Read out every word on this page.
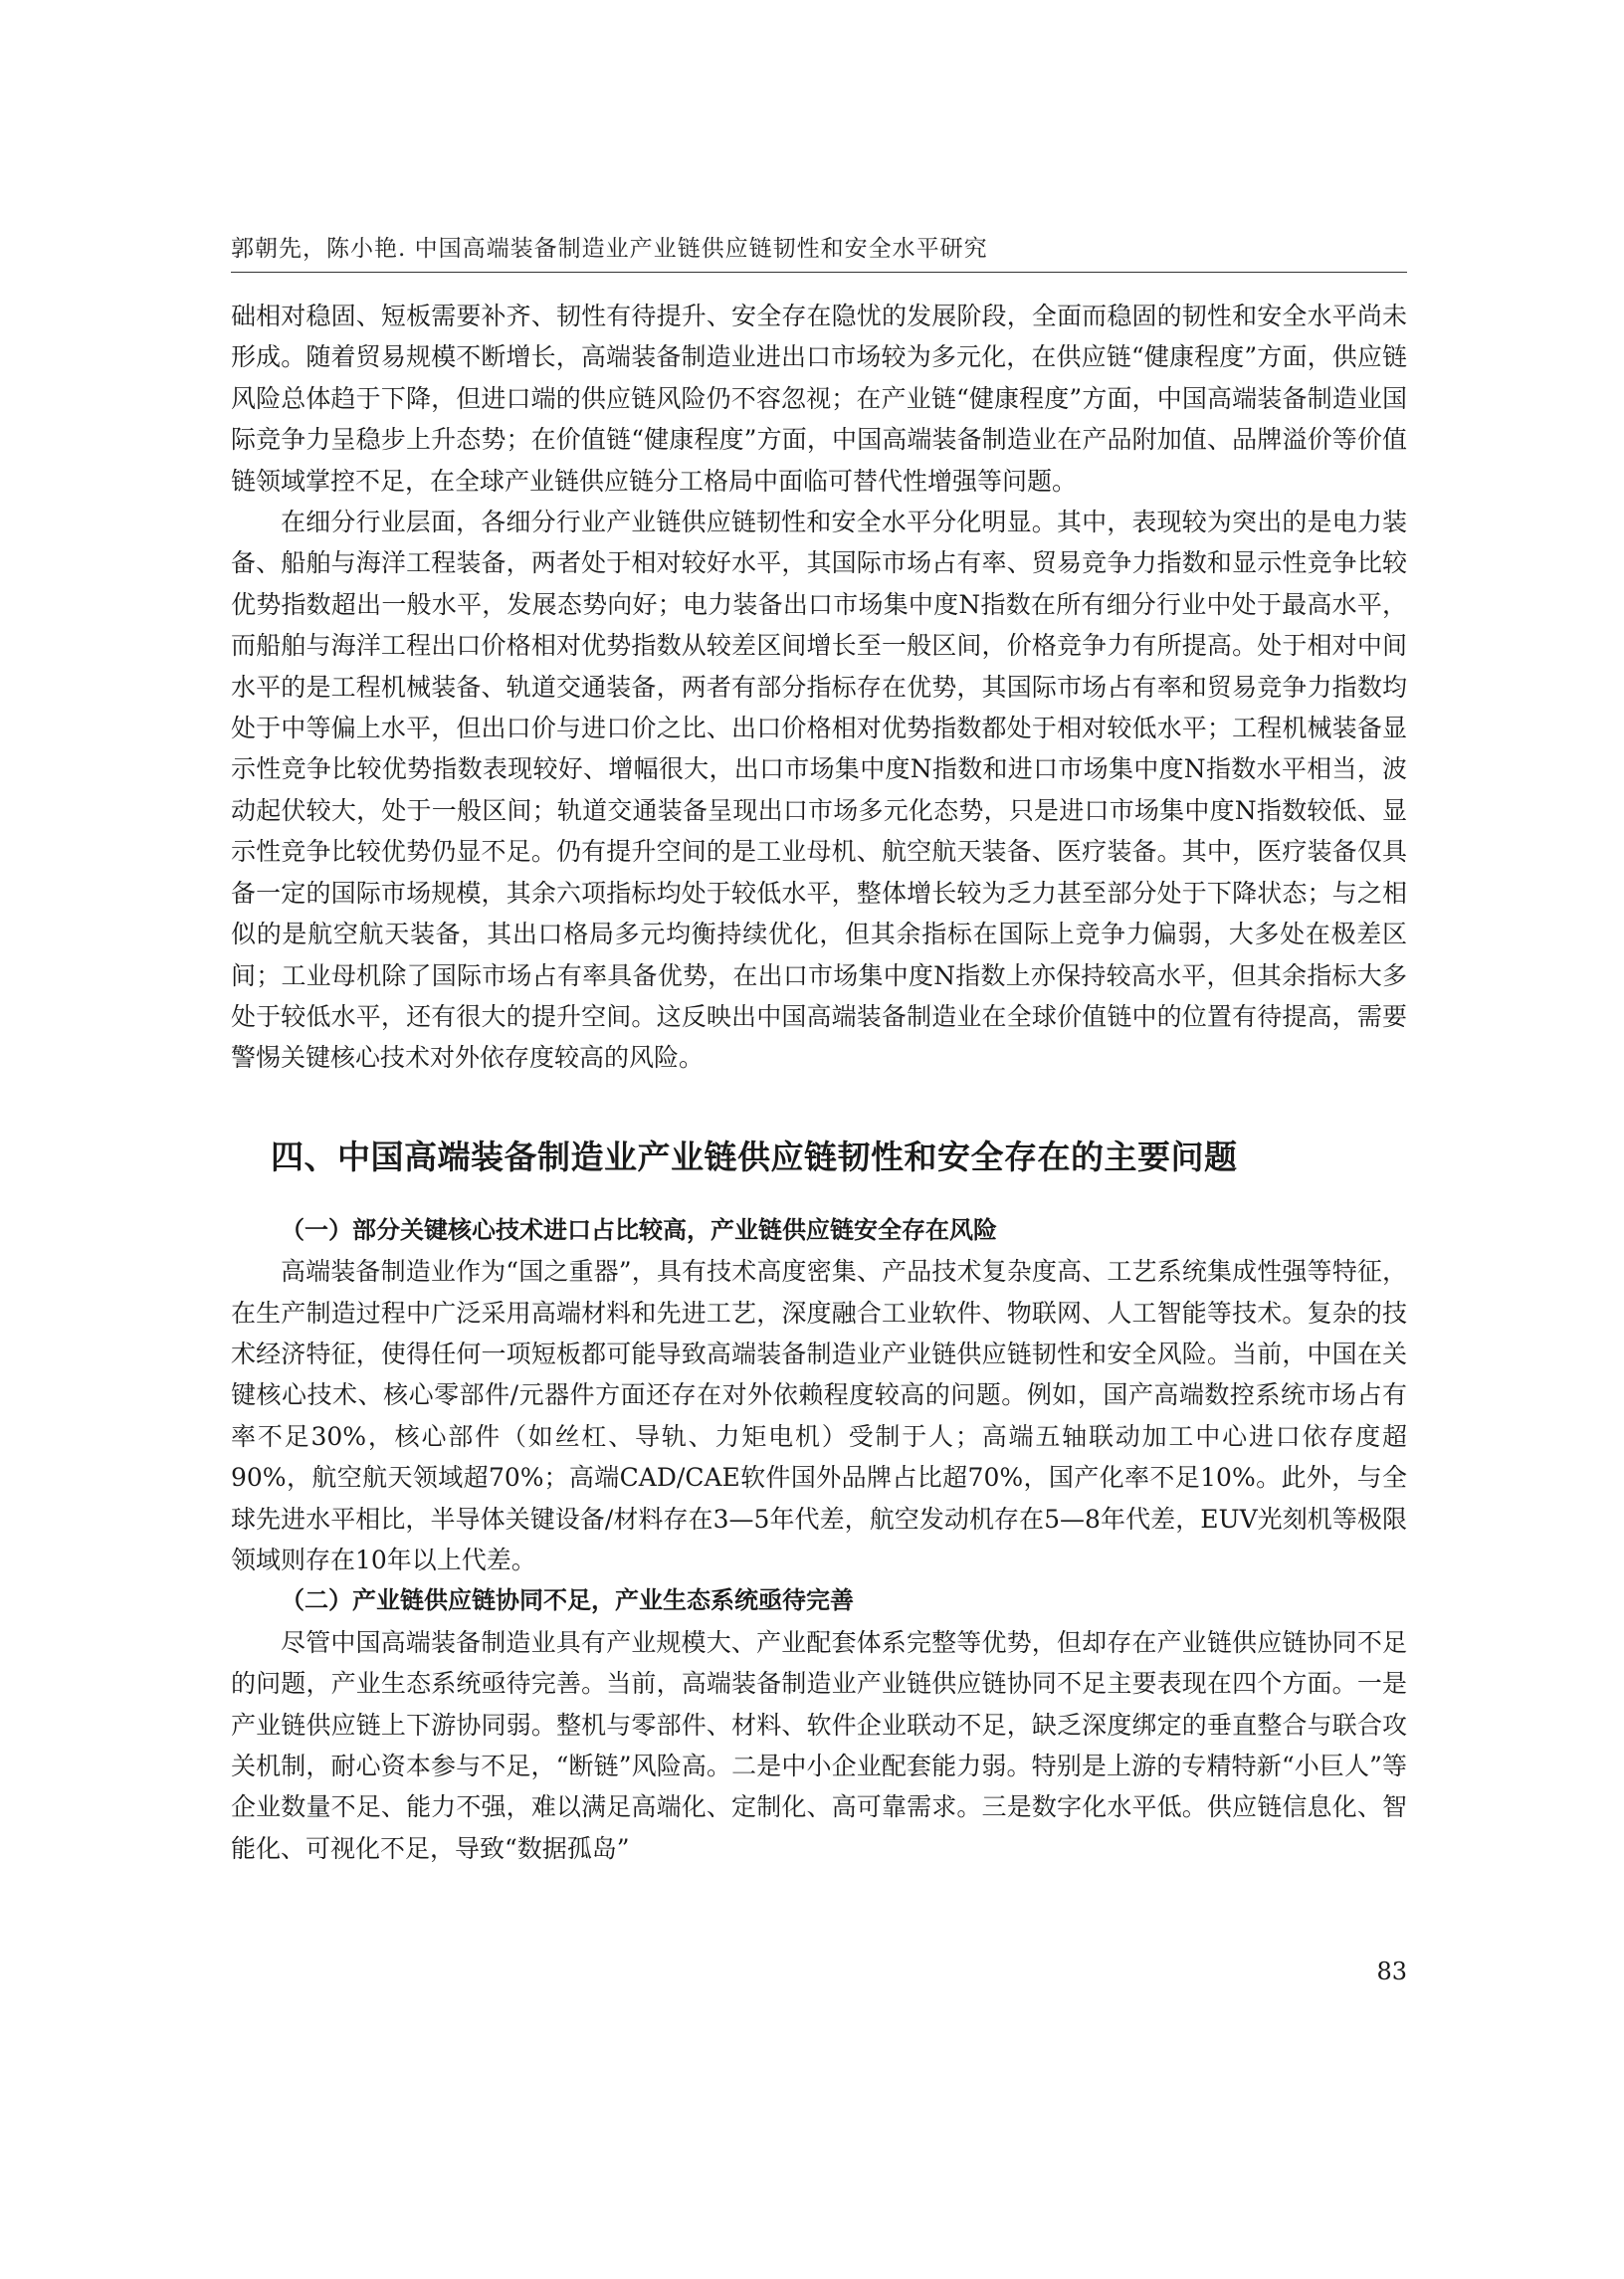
郭朝先，陈小艳. 中国高端装备制造业产业链供应链韧性和安全水平研究

础相对稳固、短板需要补齐、韧性有待提升、安全存在隐忧的发展阶段，全面而稳固的韧性和安全水平尚未形成。随着贸易规模不断增长，高端装备制造业进出口市场较为多元化，在供应链“健康程度”方面，供应链风险总体趋于下降，但进口端的供应链风险仍不容忽视；在产业链“健康程度”方面，中国高端装备制造业国际竞争力呈稳步上升态势；在价值链“健康程度”方面，中国高端装备制造业在产品附加值、品牌溢价等价值链领域掌控不足，在全球产业链供应链分工格局中面临可替代性增强等问题。

在细分行业层面，各细分行业产业链供应链韧性和安全水平分化明显。其中，表现较为突出的是电力装备、船舶与海洋工程装备，两者处于相对较好水平，其国际市场占有率、贸易竞争力指数和显示性竞争比较优势指数超出一般水平，发展态势向好；电力装备出口市场集中度N指数在所有细分行业中处于最高水平，而船舶与海洋工程出口价格相对优势指数从较差区间增长至一般区间，价格竞争力有所提高。处于相对中间水平的是工程机械装备、轨道交通装备，两者有部分指标存在优势，其国际市场占有率和贸易竞争力指数均处于中等偏上水平，但出口价与进口价之比、出口价格相对优势指数都处于相对较低水平；工程机械装备显示性竞争比较优势指数表现较好、增幅很大，出口市场集中度N指数和进口市场集中度N指数水平相当，波动起伏较大，处于一般区间；轨道交通装备呈现出口市场多元化态势，只是进口市场集中度N指数较低、显示性竞争比较优势仍显不足。仍有提升空间的是工业母机、航空航天装备、医疗装备。其中，医疗装备仅具备一定的国际市场规模，其余六项指标均处于较低水平，整体增长较为乏力甚至部分处于下降状态；与之相似的是航空航天装备，其出口格局多元均衡持续优化，但其余指标在国际上竞争力偏弱，大多处在极差区间；工业母机除了国际市场占有率具备优势，在出口市场集中度N指数上亦保持较高水平，但其余指标大多处于较低水平，还有很大的提升空间。这反映出中国高端装备制造业在全球价值链中的位置有待提高，需要警惕关键核心技术对外依存度较高的风险。

四、中国高端装备制造业产业链供应链韧性和安全存在的主要问题
（一）部分关键核心技术进口占比较高，产业链供应链安全存在风险

高端装备制造业作为“国之重器”，具有技术高度密集、产品技术复杂度高、工艺系统集成性强等特征，在生产制造过程中广泛采用高端材料和先进工艺，深度融合工业软件、物联网、人工智能等技术。复杂的技术经济特征，使得任何一项短板都可能导致高端装备制造业产业链供应链韧性和安全风险。当前，中国在关键核心技术、核心零部件/元器件方面还存在对外依赖程度较高的问题。例如，国产高端数控系统市场占有率不足30%，核心部件（如丝杠、导轨、力矩电机）受制于人；高端五轴联动加工中心进口依存度超90%，航空航天领域超70%；高端CAD/CAE软件国外品牌占比超70%，国产化率不足10%。此外，与全球先进水平相比，半导体关键设备/材料存在3—5年代差，航空发动机存在5—8年代差，EUV光刻机等极限领域则存在10年以上代差。

（二）产业链供应链协同不足，产业生态系统亟待完善

尽管中国高端装备制造业具有产业规模大、产业配套体系完整等优势，但却存在产业链供应链协同不足的问题，产业生态系统亟待完善。当前，高端装备制造业产业链供应链协同不足主要表现在四个方面。一是产业链供应链上下游协同弱。整机与零部件、材料、软件企业联动不足，缺乏深度绑定的垂直整合与联合攻关机制，耐心资本参与不足，“断链”风险高。二是中小企业配套能力弱。特别是上游的专精特新“小巨人”等企业数量不足、能力不强，难以满足高端化、定制化、高可靠需求。三是数字化水平低。供应链信息化、智能化、可视化不足，导致“数据孤岛”

83
